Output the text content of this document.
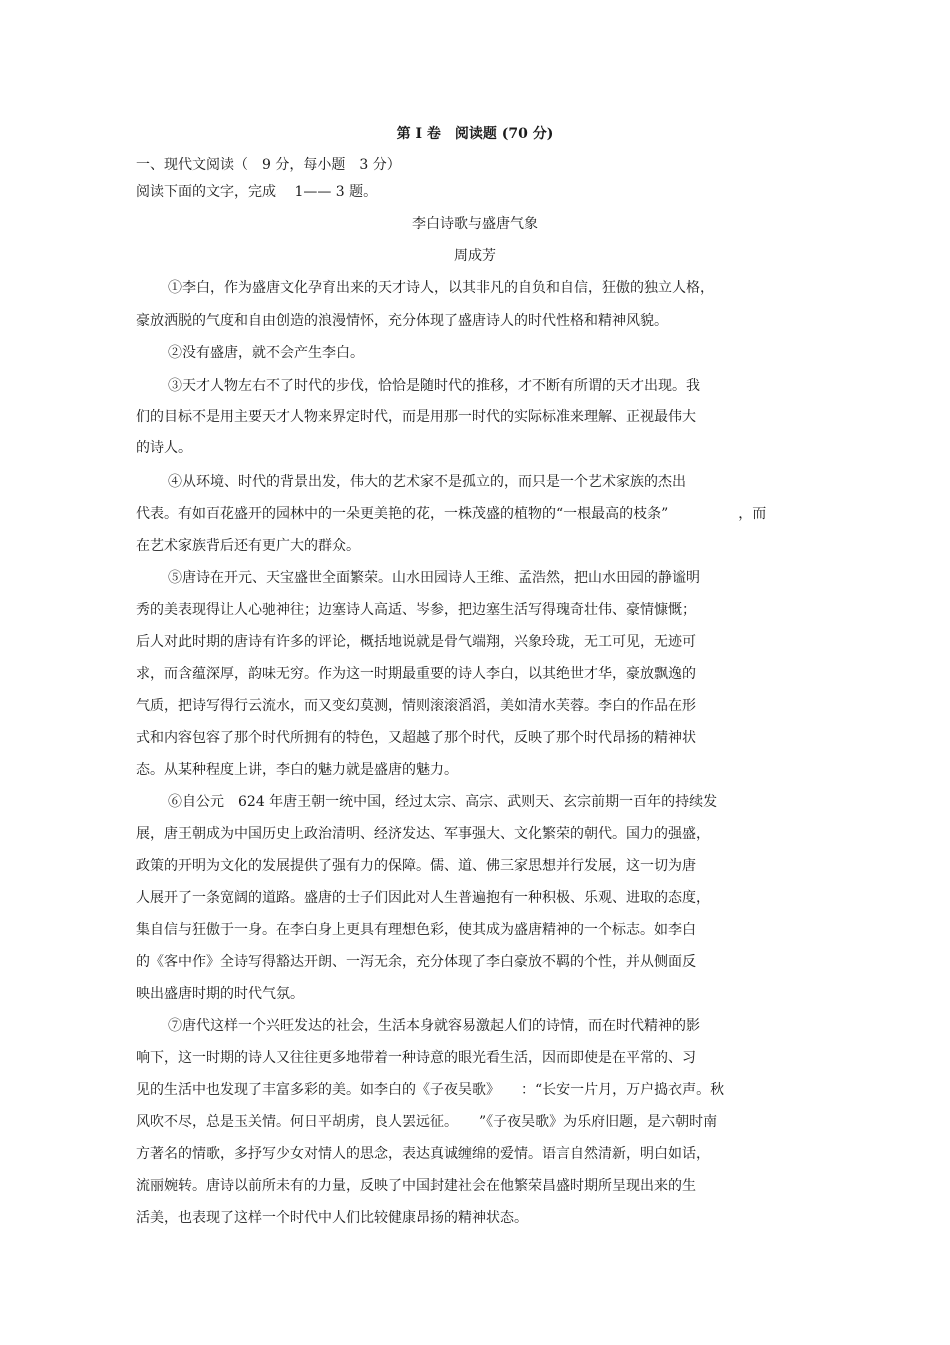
第 I 卷　阅读题 (70 分)
一、现代文阅读（　9 分，每小题　3 分）
阅读下面的文字，完成　 1—— 3 题。
李白诗歌与盛唐气象
周成芳
①李白，作为盛唐文化孕育出来的天才诗人，以其非凡的自负和自信，狂傲的独立人格，
豪放洒脱的气度和自由创造的浪漫情怀，充分体现了盛唐诗人的时代性格和精神风貌。
②没有盛唐，就不会产生李白。
③天才人物左右不了时代的步伐，恰恰是随时代的推移，才不断有所谓的天才出现。我
们的目标不是用主要天才人物来界定时代，而是用那一时代的实际标准来理解、正视最伟大
的诗人。
④从环境、时代的背景出发，伟大的艺术家不是孤立的，而只是一个艺术家族的杰出
代表。有如百花盛开的园林中的一朵更美艳的花，一株茂盛的植物的“一根最高的枝条”　　　　　，而
在艺术家族背后还有更广大的群众。
⑤唐诗在开元、天宝盛世全面繁荣。山水田园诗人王维、孟浩然，把山水田园的静谧明
秀的美表现得让人心驰神往；边塞诗人高适、岑参，把边塞生活写得瑰奇壮伟、豪情慷慨；
后人对此时期的唐诗有许多的评论，概括地说就是骨气端翔，兴象玲珑，无工可见，无迹可
求，而含蕴深厚，韵味无穷。作为这一时期最重要的诗人李白，以其绝世才华，豪放飘逸的
气质，把诗写得行云流水，而又变幻莫测，情则滚滚滔滔，美如清水芙蓉。李白的作品在形
式和内容包容了那个时代所拥有的特色，又超越了那个时代，反映了那个时代昂扬的精神状
态。从某种程度上讲，李白的魅力就是盛唐的魅力。
⑥自公元　624 年唐王朝一统中国，经过太宗、高宗、武则天、玄宗前期一百年的持续发
展，唐王朝成为中国历史上政治清明、经济发达、军事强大、文化繁荣的朝代。国力的强盛，
政策的开明为文化的发展提供了强有力的保障。儒、道、佛三家思想并行发展，这一切为唐
人展开了一条宽阔的道路。盛唐的士子们因此对人生普遍抱有一种积极、乐观、进取的态度，
集自信与狂傲于一身。在李白身上更具有理想色彩，使其成为盛唐精神的一个标志。如李白
的《客中作》全诗写得豁达开朗、一泻无余，充分体现了李白豪放不羁的个性，并从侧面反
映出盛唐时期的时代气氛。
⑦唐代这样一个兴旺发达的社会，生活本身就容易激起人们的诗情，而在时代精神的影
响下，这一时期的诗人又往往更多地带着一种诗意的眼光看生活，因而即使是在平常的、习
见的生活中也发现了丰富多彩的美。如李白的《子夜吴歌》　　：“长安一片月，万户捣衣声。秋
风吹不尽，总是玉关情。何日平胡虏，良人罢远征。　　”《子夜吴歌》为乐府旧题，是六朝时南
方著名的情歌，多抒写少女对情人的思念，表达真诚缠绵的爱情。语言自然清新，明白如话，
流丽婉转。唐诗以前所未有的力量，反映了中国封建社会在他繁荣昌盛时期所呈现出来的生
活美，也表现了这样一个时代中人们比较健康昂扬的精神状态。
